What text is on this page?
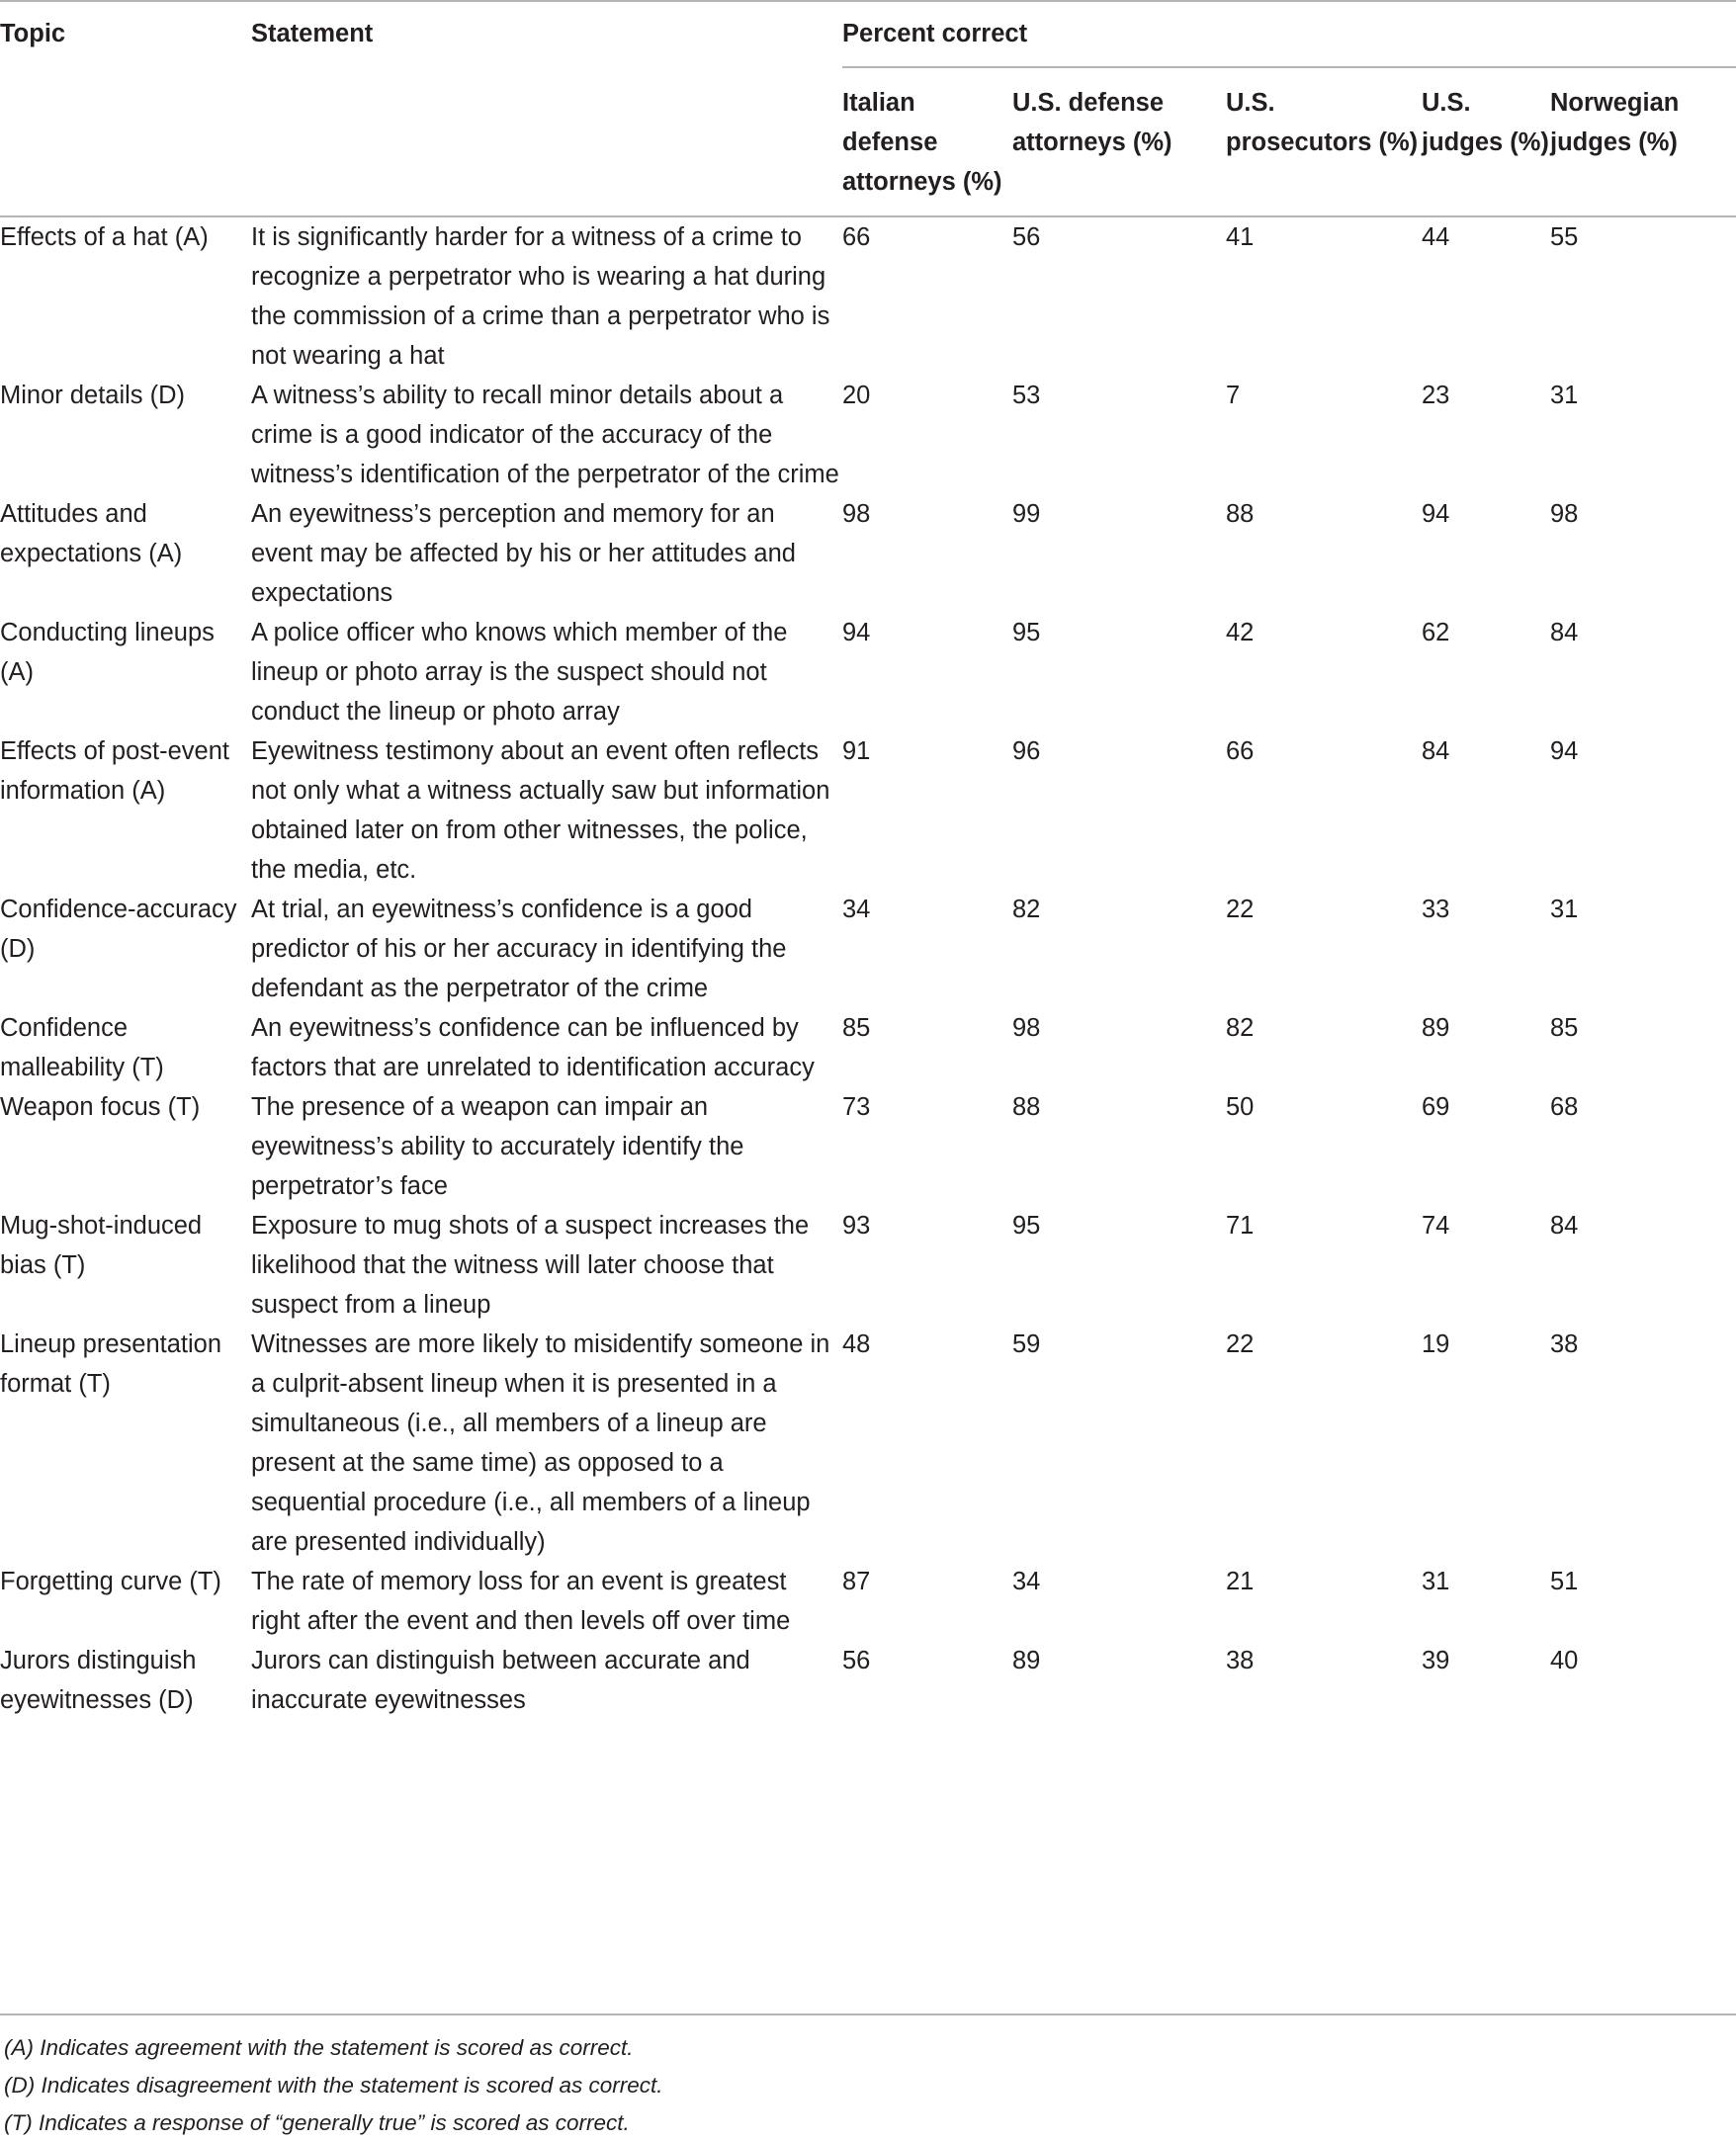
Topic	Statement	Percent correct				
		Italian defense attorneys (%)	U.S. defense attorneys (%)	U.S. prosecutors (%)	U.S. judges (%)	Norwegian judges (%)
Effects of a hat (A)	It is significantly harder for a witness of a crime to recognize a perpetrator who is wearing a hat during the commission of a crime than a perpetrator who is not wearing a hat	66	56	41	44	55
Minor details (D)	A witness’s ability to recall minor details about a crime is a good indicator of the accuracy of the witness’s identification of the perpetrator of the crime	20	53	7	23	31
Attitudes and expectations (A)	An eyewitness’s perception and memory for an event may be affected by his or her attitudes and expectations	98	99	88	94	98
Conducting lineups (A)	A police officer who knows which member of the lineup or photo array is the suspect should not conduct the lineup or photo array	94	95	42	62	84
Effects of post-event information (A)	Eyewitness testimony about an event often reflects not only what a witness actually saw but information obtained later on from other witnesses, the police, the media, etc.	91	96	66	84	94
Confidence-accuracy (D)	At trial, an eyewitness’s confidence is a good predictor of his or her accuracy in identifying the defendant as the perpetrator of the crime	34	82	22	33	31
Confidence malleability (T)	An eyewitness’s confidence can be influenced by factors that are unrelated to identification accuracy	85	98	82	89	85
Weapon focus (T)	The presence of a weapon can impair an eyewitness’s ability to accurately identify the perpetrator’s face	73	88	50	69	68
Mug-shot-induced bias (T)	Exposure to mug shots of a suspect increases the likelihood that the witness will later choose that suspect from a lineup	93	95	71	74	84
Lineup presentation format (T)	Witnesses are more likely to misidentify someone in a culprit-absent lineup when it is presented in a simultaneous (i.e., all members of a lineup are present at the same time) as opposed to a sequential procedure (i.e., all members of a lineup are presented individually)	48	59	22	19	38
Forgetting curve (T)	The rate of memory loss for an event is greatest right after the event and then levels off over time	87	34	21	31	51
Jurors distinguish eyewitnesses (D)	Jurors can distinguish between accurate and inaccurate eyewitnesses	56	89	38	39	40
(A) Indicates agreement with the statement is scored as correct.
(D) Indicates disagreement with the statement is scored as correct.
(T) Indicates a response of “generally true” is scored as correct.
